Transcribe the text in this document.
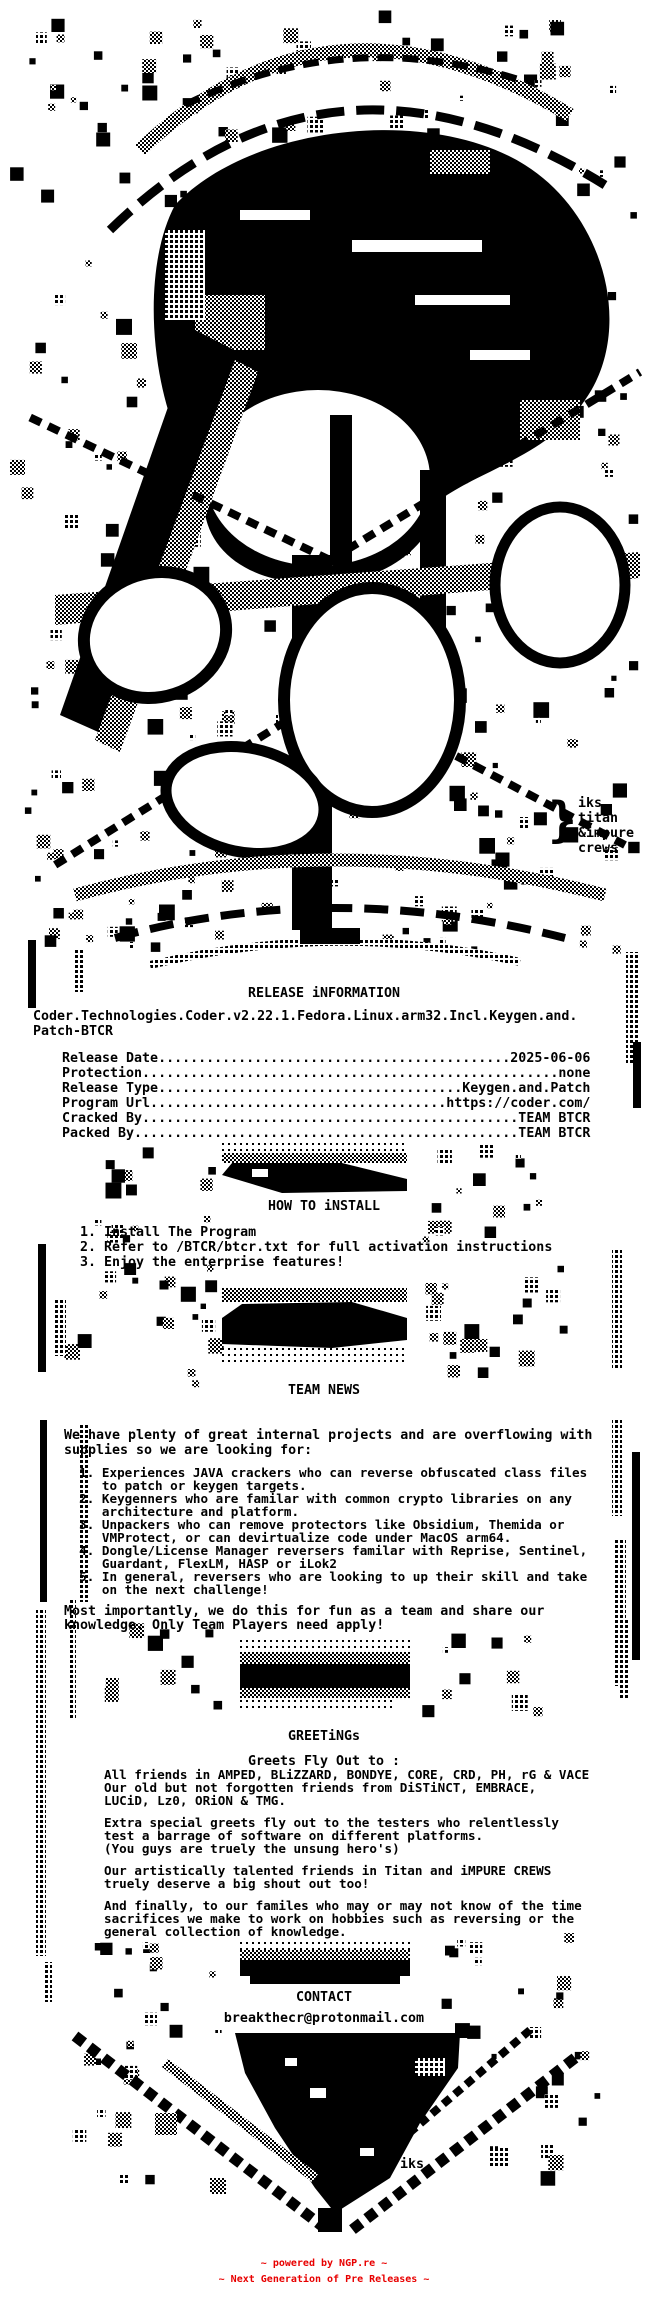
} iks
titan
&impure
crews
RELEASE iNFORMATION
Coder.Technologies.Coder.v2.22.1.Fedora.Linux.arm32.Incl.Keygen.and.
Patch-BTCR
Release Date............................................2025-06-06
Protection....................................................none
Release Type......................................Keygen.and.Patch
Program Url.....................................https://coder.com/
Cracked By...............................................TEAM BTCR
Packed By................................................TEAM BTCR
HOW TO iNSTALL
1. Install The Program
2. Refer to /BTCR/btcr.txt for full activation instructions
3. Enjoy the enterprise features!
TEAM NEWS
We have plenty of great internal projects and are overflowing with
supplies so we are looking for:
1. Experiences JAVA crackers who can reverse obfuscated class files
to patch or keygen targets.
2. Keygenners who are familar with common crypto libraries on any
architecture and platform.
3. Unpackers who can remove protectors like Obsidium, Themida or
VMProtect, or can devirtualize code under MacOS arm64.
4. Dongle/License Manager reversers familar with Reprise, Sentinel,
Guardant, FlexLM, HASP or iLok2
5. In general, reversers who are looking to up their skill and take
on the next challenge!
Most importantly, we do this for fun as a team and share our
knowledge. Only Team Players need apply!
GREETiNGs
Greets Fly Out to :
All friends in AMPED, BLiZZARD, BONDYE, CORE, CRD, PH, rG & VACE
Our old but not forgotten friends from DiSTiNCT, EMBRACE,
LUCiD, Lz0, ORiON & TMG.
Extra special greets fly out to the testers who relentlessly
test a barrage of software on different platforms.
(You guys are truely the unsung hero's)
Our artistically talented friends in Titan and iMPURE CREWS
truely deserve a big shout out too!
And finally, to our familes who may or may not know of the time
sacrifices we make to work on hobbies such as reversing or the
general collection of knowledge.
CONTACT
breakthecr@protonmail.com
iks
~ powered by NGP.re ~
~ Next Generation of Pre Releases ~
